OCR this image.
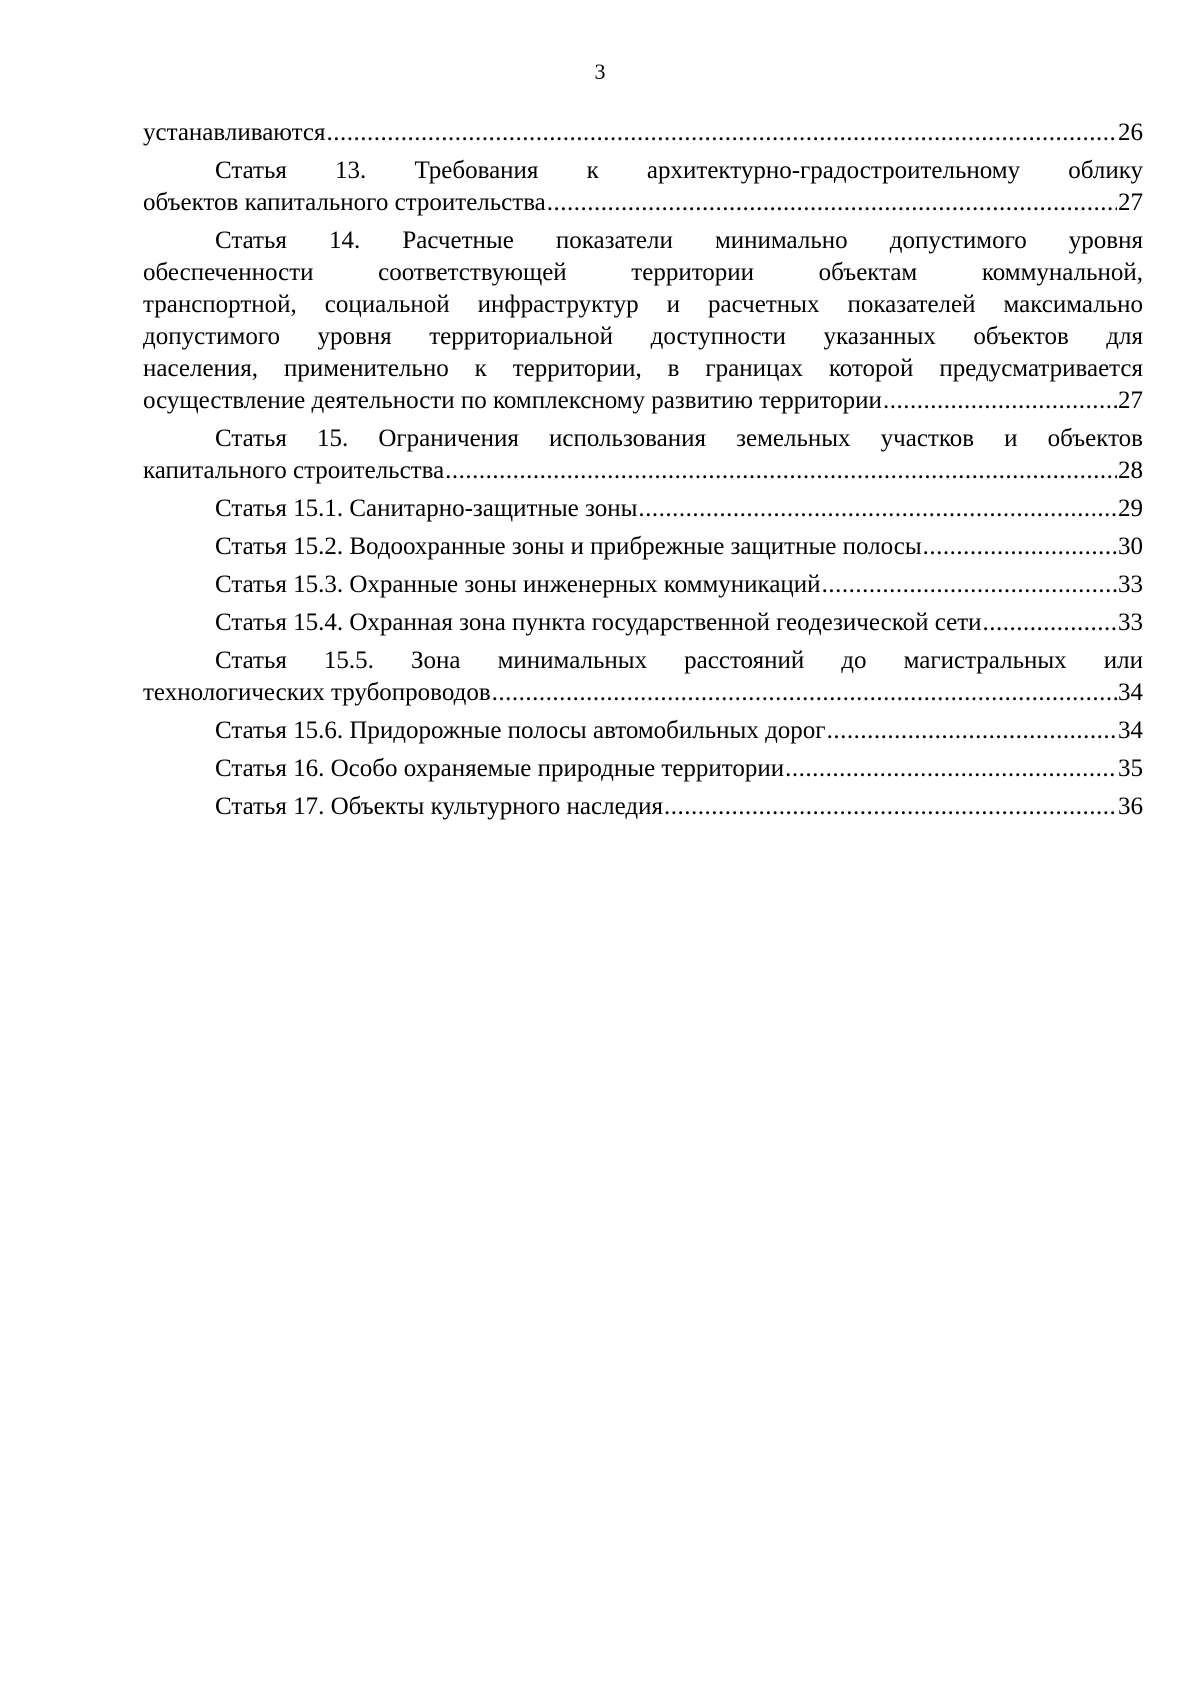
3
устанавливаются .....	26
Статья 13. Требования к архитектурно-градостроительному облику
объектов капитального строительства .....	27
Статья 14. Расчетные показатели минимально допустимого уровня
обеспеченности соответствующей территории объектам коммунальной,
транспортной, социальной инфраструктур и расчетных показателей максимально
допустимого уровня территориальной доступности указанных объектов для
населения, применительно к территории, в границах которой предусматривается
осуществление деятельности по комплексному развитию территории .....	27
Статья 15. Ограничения использования земельных участков и объектов
капитального строительства .....	28
Статья 15.1. Санитарно-защитные зоны .....	29
Статья 15.2. Водоохранные зоны и прибрежные защитные полосы .....	30
Статья 15.3. Охранные зоны инженерных коммуникаций .....	33
Статья 15.4. Охранная зона пункта государственной геодезической сети .....	33
Статья 15.5. Зона минимальных расстояний до магистральных или
технологических трубопроводов .....	34
Статья 15.6. Придорожные полосы автомобильных дорог .....	34
Статья 16. Особо охраняемые природные территории .....	35
Статья 17. Объекты культурного наследия .....	36
